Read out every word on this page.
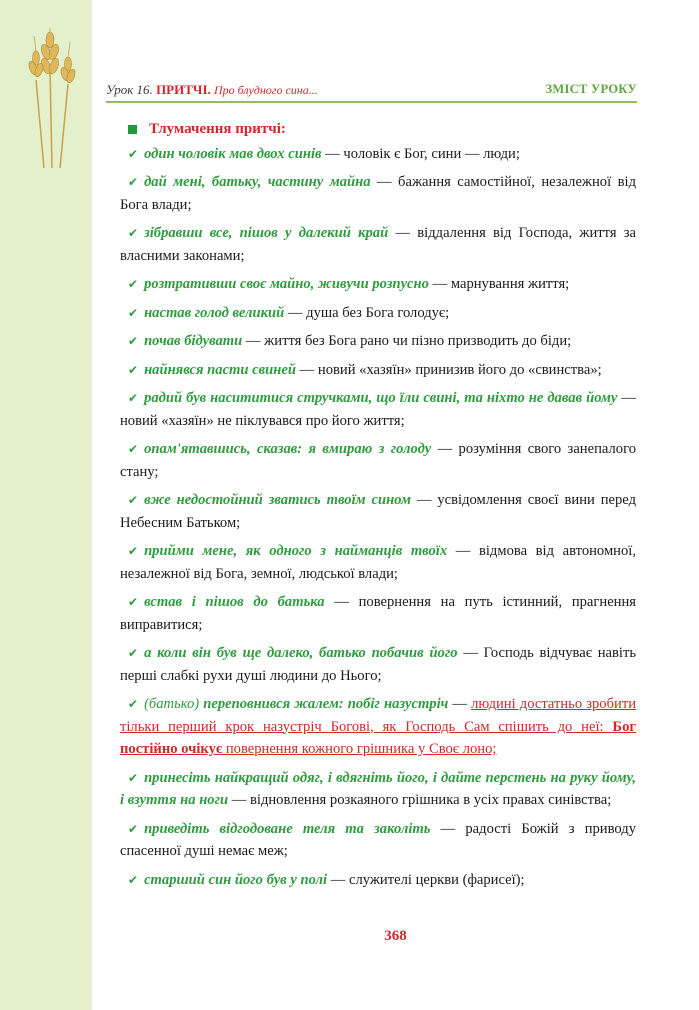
Урок 16. ПРИТЧІ. Про блудного сина...	ЗМІСТ УРОКУ
Тлумачення притчі:
✔ один чоловік мав двох синів — чоловік є Бог, сини — люди;
✔ дай мені, батьку, частину майна — бажання самостійної, незалежної від Бога влади;
✔ зібравши все, пішов у далекий край — віддалення від Господа, життя за власними законами;
✔ розтративши своє майно, живучи розпусно — марнування життя;
✔ настав голод великий — душа без Бога голодує;
✔ почав бідувати — життя без Бога рано чи пізно призводить до біди;
✔ найнявся пасти свиней — новий «хазяїн» принизив його до «свинства»;
✔ радий був насититися стручками, що їли свині, та ніхто не давав йому — новий «хазяїн» не піклувався про його життя;
✔ опам'ятавшись, сказав: я вмираю з голоду — розуміння свого занепалого стану;
✔ вже недостойний зватись твоїм сином — усвідомлення своєї вини перед Небесним Батьком;
✔ прийми мене, як одного з найманців твоїх — відмова від автономної, незалежної від Бога, земної, людської влади;
✔ встав і пішов до батька — повернення на путь істинний, прагнення виправитися;
✔ а коли він був ще далеко, батько побачив його — Господь відчуває навіть перші слабкі рухи душі людини до Нього;
✔ (батько) переповнився жалем: побіг назустріч — людині достатньо зробити тільки перший крок назустріч Богові, як Господь Сам спішить до неї: Бог постійно очікує повернення кожного грішника у Своє лоно;
✔ принесіть найкращий одяг, і вдягніть його, і дайте перстень на руку йому, і взуття на ноги — відновлення розкаяного грішника в усіх правах синівства;
✔ приведіть відгодоване теля та заколіть — радості Божій з приводу спасенної душі немає меж;
✔ старший син його був у полі — служителі церкви (фарисеї);
368
